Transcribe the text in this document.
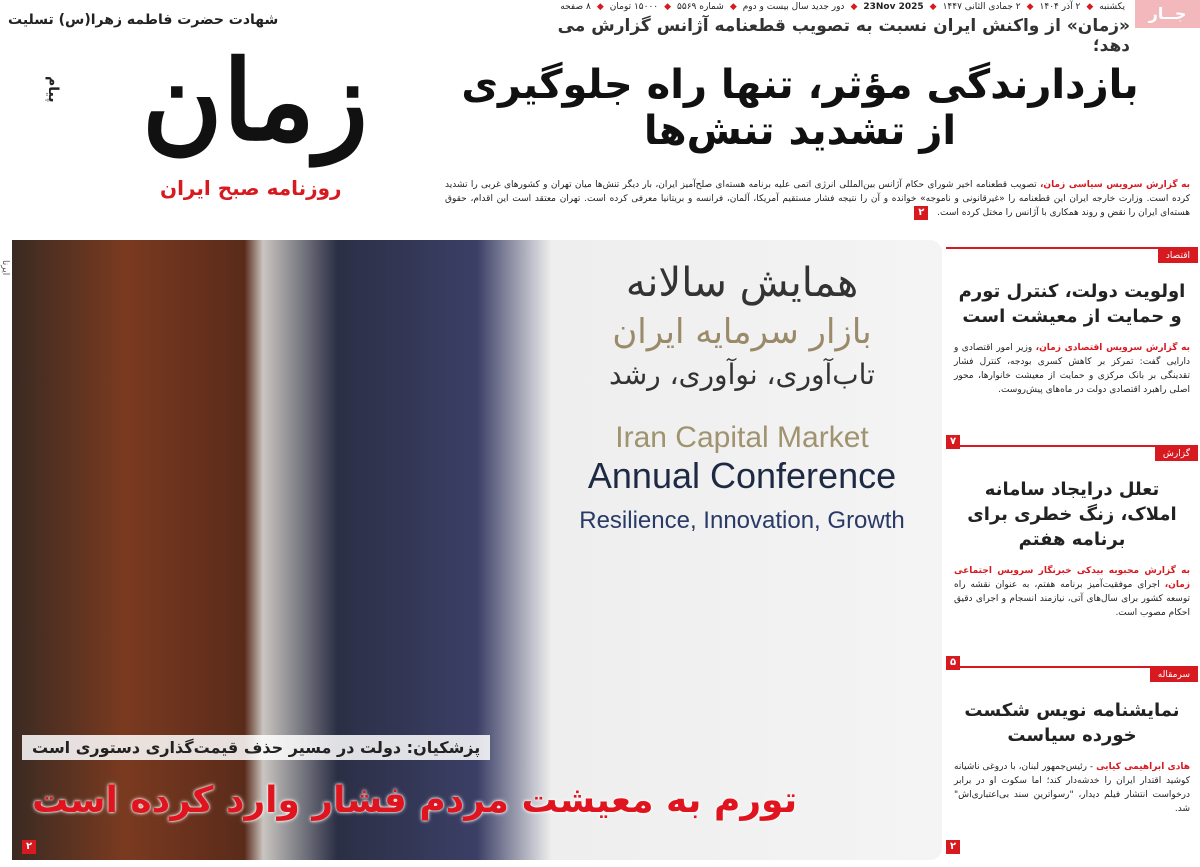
یکشنبه
◆
۲ آذر ۱۴۰۴
◆
۲ جمادی الثانی ۱۴۴۷
◆
23Nov 2025
◆
دور جدید سال بیست و دوم
◆
شماره ۵۵۶۹
◆
۱۵۰۰۰ تومان
◆
۸ صفحه	جــار
شهادت حضرت فاطمه زهرا(س) تسلیت
زمان
پیام
روزنامه صبح ایران
«زمان» از واکنش ایران نسبت به تصویب قطعنامه آژانس گزارش می دهد؛
بازدارندگی مؤثر، تنها راه جلوگیری
از تشدید تنش‌ها
به گزارش سرویس سیاسی زمان، تصویب قطعنامه اخیر شورای حکام آژانس بین‌المللی انرژی اتمی علیه برنامه هسته‌ای صلح‌آمیز ایران، بار دیگر تنش‌ها میان تهران و کشورهای غربی را تشدید کرده است. وزارت خارجه ایران این قطعنامه را «غیرقانونی و ناموجه» خوانده و آن را نتیجه فشار مستقیم آمریکا، آلمان، فرانسه و بریتانیا معرفی کرده است. تهران معتقد است این اقدام، حقوق هسته‌ای ایران را نقض و روند همکاری با آژانس را مختل کرده است. ۲
ایرنا	همایش سالانه
بازار سرمایه ایران
تاب‌آوری، نوآوری، رشد
Iran Capital Market
Annual Conference
Resilience, Innovation, Growth
پزشکیان: دولت در مسیر حذف قیمت‌گذاری دستوری است
تورم به معیشت مردم فشار وارد کرده است
۲
اقتصاد
اولویت دولت، کنترل تورم و حمایت از معیشت است

به گزارش سرویس اقتصادی زمان، وزیر امور اقتصادی و دارایی گفت: تمرکز بر کاهش کسری بودجه، کنترل فشار تقدینگی بر بانک مرکزی و حمایت از معیشت خانوارها، محور اصلی راهبرد اقتصادی دولت در ماه‌های پیش‌روست.

۷
گزارش
تعلل درایجاد سامانه املاک، زنگ خطری برای برنامه هفتم

به گزارش محبوبه بیدکی خبرنگار سرویس اجتماعی زمان، اجرای موفقیت‌آمیز برنامه هفتم، به عنوان نقشه راه توسعه کشور برای سال‌های آتی، نیازمند انسجام و اجرای دقیق احکام مصوب است.

۵
سرمقاله
نمایشنامه نویس شکست خورده سیاست

هادی ابراهیمی کیایی - رئیس‌جمهور لبنان، با دروغی ناشیانه کوشید اقتدار ایران را خدشه‌دار کند؛ اما سکوت او در برابر درخواست انتشار فیلم دیدار، "رسواترین سند بی‌اعتباری‌اش" شد.

۲
